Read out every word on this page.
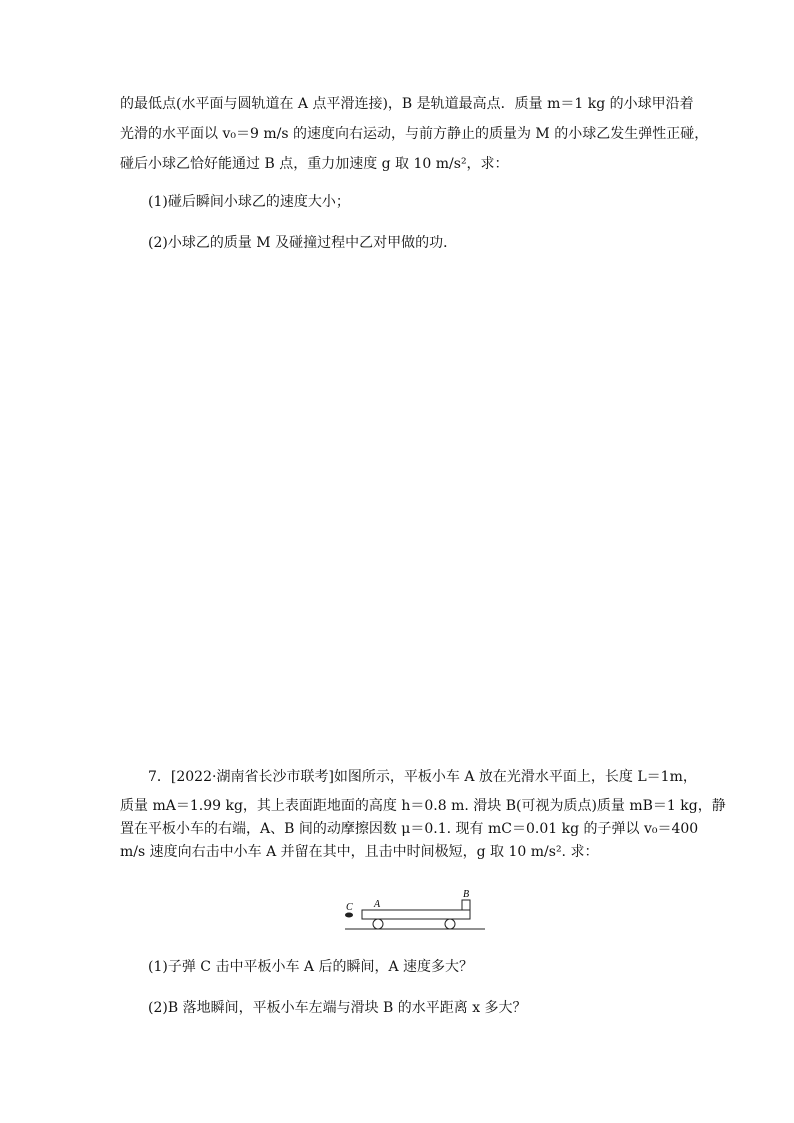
的最低点(水平面与圆轨道在 A 点平滑连接)，B 是轨道最高点．质量 m＝1 kg 的小球甲沿着
光滑的水平面以 v₀＝9 m/s 的速度向右运动，与前方静止的质量为 M 的小球乙发生弹性正碰，
碰后小球乙恰好能通过 B 点，重力加速度 g 取 10 m/s²，求：
(1)碰后瞬间小球乙的速度大小；
(2)小球乙的质量 M 及碰撞过程中乙对甲做的功．
7．[2022·湖南省长沙市联考]如图所示，平板小车 A 放在光滑水平面上，长度 L＝1m，
质量 mA＝1.99 kg，其上表面距地面的高度 h＝0.8 m. 滑块 B(可视为质点)质量 mB＝1 kg，静
置在平板小车的右端，A、B 间的动摩擦因数 μ＝0.1. 现有 mC＝0.01 kg 的子弹以 v₀＝400
A
B
C
m/s 速度向右击中小车 A 并留在其中，且击中时间极短，g 取 10 m/s². 求：
(1)子弹 C 击中平板小车 A 后的瞬间，A 速度多大？
(2)B 落地瞬间，平板小车左端与滑块 B 的水平距离 x 多大？
